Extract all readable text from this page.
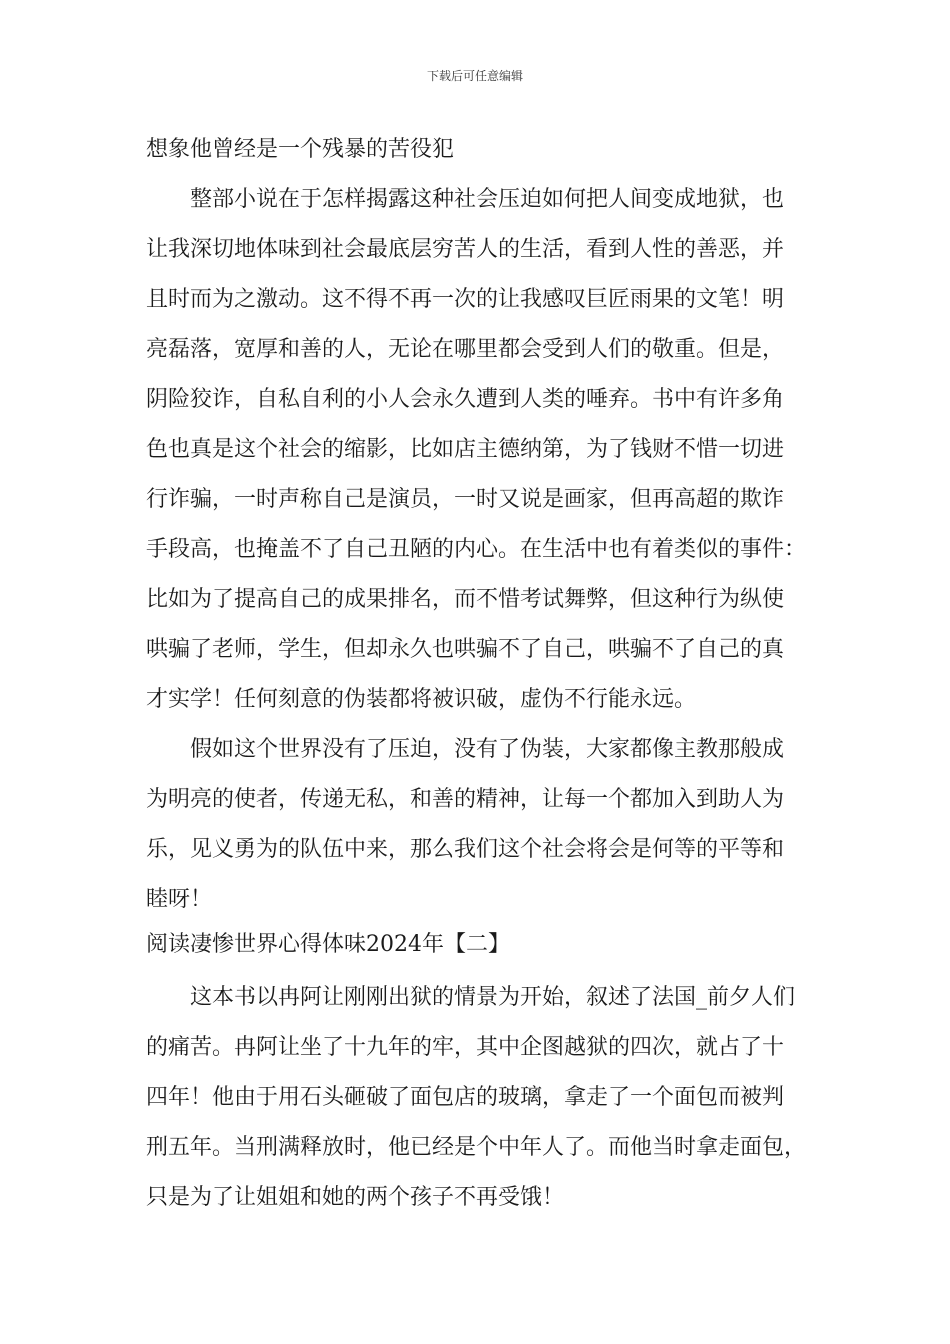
下载后可任意编辑
想象他曾经是一个残暴的苦役犯
整部小说在于怎样揭露这种社会压迫如何把人间变成地狱，也
让我深切地体味到社会最底层穷苦人的生活，看到人性的善恶，并
且时而为之激动。这不得不再一次的让我感叹巨匠雨果的文笔！明
亮磊落，宽厚和善的人，无论在哪里都会受到人们的敬重。但是，
阴险狡诈，自私自利的小人会永久遭到人类的唾弃。书中有许多角
色也真是这个社会的缩影，比如店主德纳第，为了钱财不惜一切进
行诈骗，一时声称自己是演员，一时又说是画家，但再高超的欺诈
手段高，也掩盖不了自己丑陋的内心。在生活中也有着类似的事件：
比如为了提高自己的成果排名，而不惜考试舞弊，但这种行为纵使
哄骗了老师，学生，但却永久也哄骗不了自己，哄骗不了自己的真
才实学！任何刻意的伪装都将被识破，虚伪不行能永远。
假如这个世界没有了压迫，没有了伪装，大家都像主教那般成
为明亮的使者，传递无私，和善的精神，让每一个都加入到助人为
乐，见义勇为的队伍中来，那么我们这个社会将会是何等的平等和
睦呀！
阅读凄惨世界心得体味2024年【二】
这本书以冉阿让刚刚出狱的情景为开始，叙述了法国_前夕人们
的痛苦。冉阿让坐了十九年的牢，其中企图越狱的四次，就占了十
四年！他由于用石头砸破了面包店的玻璃，拿走了一个面包而被判
刑五年。当刑满释放时，他已经是个中年人了。而他当时拿走面包，
只是为了让姐姐和她的两个孩子不再受饿！
